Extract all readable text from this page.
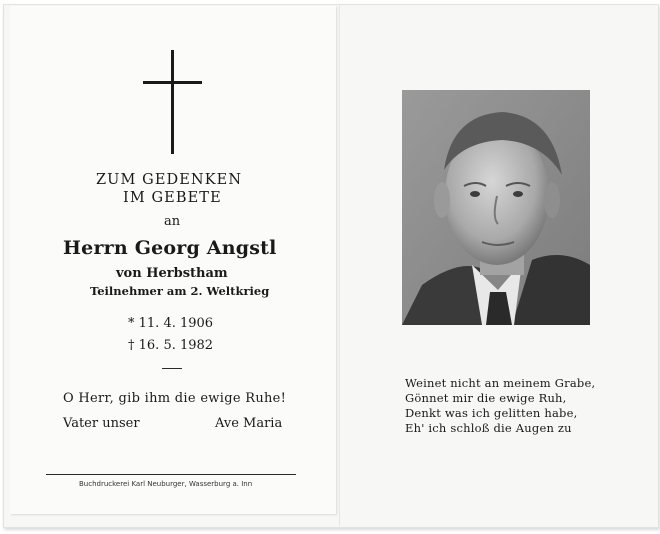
ZUM GEDENKEN
IM GEBETE
an
Herrn Georg Angstl
von Herbstham
Teilnehmer am 2. Weltkrieg
* 11. 4. 1906
† 16. 5. 1982
O Herr, gib ihm die ewige Ruhe!
Vater unser	Ave Maria
Buchdruckerei Karl Neuburger, Wasserburg a. Inn
Weinet nicht an meinem Grabe,
Gönnet mir die ewige Ruh,
Denkt was ich gelitten habe,
Eh' ich schloß die Augen zu
